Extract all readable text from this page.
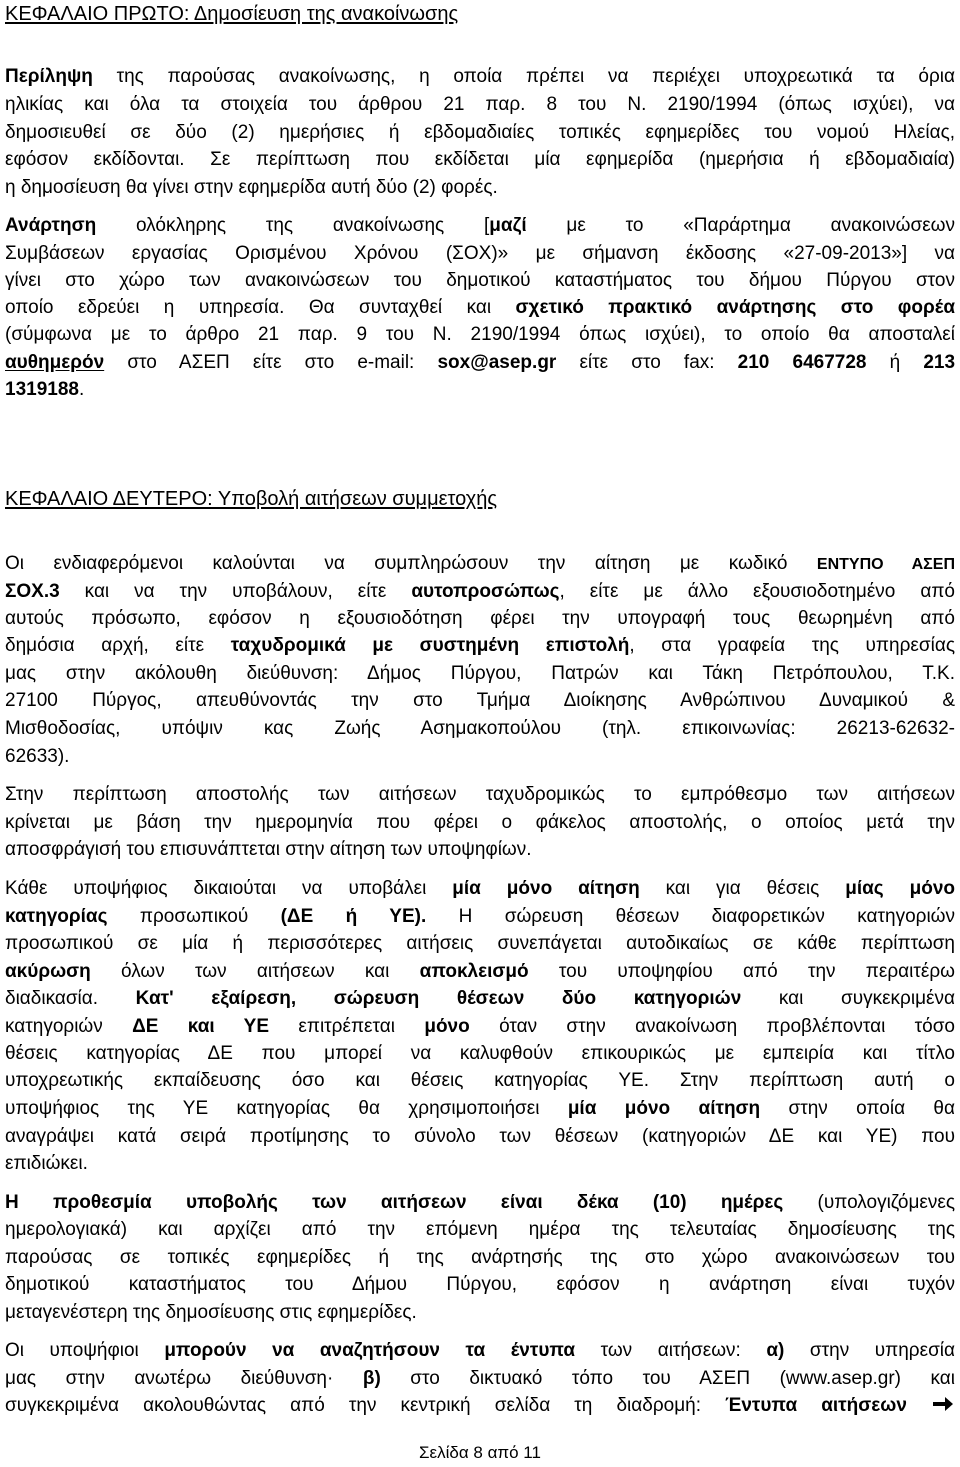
ΚΕΦΑΛΑΙΟ ΠΡΩΤΟ: Δημοσίευση της ανακοίνωσης
Περίληψη της παρούσας ανακοίνωσης, η οποία πρέπει να περιέχει υποχρεωτικά τα όρια
ηλικίας και όλα τα στοιχεία του άρθρου 21 παρ. 8 του Ν. 2190/1994 (όπως ισχύει), να
δημοσιευθεί σε δύο (2) ημερήσιες ή εβδομαδιαίες τοπικές εφημερίδες του νομού Ηλείας,
εφόσον εκδίδονται. Σε περίπτωση που εκδίδεται μία εφημερίδα (ημερήσια ή εβδομαδιαία)
η δημοσίευση θα γίνει στην εφημερίδα αυτή δύο (2) φορές.
Ανάρτηση ολόκληρης της ανακοίνωσης [μαζί με το «Παράρτημα ανακοινώσεων
Συμβάσεων εργασίας Ορισμένου Χρόνου (ΣΟΧ)» με σήμανση έκδοσης «27-09-2013»] να
γίνει στο χώρο των ανακοινώσεων του δημοτικού καταστήματος του δήμου Πύργου στον
οποίο εδρεύει η υπηρεσία. Θα συνταχθεί και σχετικό πρακτικό ανάρτησης στο φορέα
(σύμφωνα με το άρθρο 21 παρ. 9 του Ν. 2190/1994 όπως ισχύει), το οποίο θα αποσταλεί
αυθημερόν στο ΑΣΕΠ είτε στο e-mail: sox@asep.gr είτε στο fax: 210 6467728 ή 213
1319188.
ΚΕΦΑΛΑΙΟ ΔΕΥΤΕΡΟ: Υποβολή αιτήσεων συμμετοχής
Οι ενδιαφερόμενοι καλούνται να συμπληρώσουν την αίτηση με κωδικό ΕΝΤΥΠΟ ΑΣΕΠ
ΣΟΧ.3 και να την υποβάλουν, είτε αυτοπροσώπως, είτε με άλλο εξουσιοδοτημένο από
αυτούς πρόσωπο, εφόσον η εξουσιοδότηση φέρει την υπογραφή τους θεωρημένη από
δημόσια αρχή, είτε ταχυδρομικά με συστημένη επιστολή, στα γραφεία της υπηρεσίας
μας στην ακόλουθη διεύθυνση: Δήμος Πύργου, Πατρών και Τάκη Πετρόπουλου, Τ.Κ.
27100 Πύργος, απευθύνοντάς την στο Τμήμα Διοίκησης Ανθρώπινου Δυναμικού &
Μισθοδοσίας, υπόψιν κας Ζωής Ασημακοπούλου (τηλ. επικοινωνίας: 26213-62632-
62633).
Στην περίπτωση αποστολής των αιτήσεων ταχυδρομικώς το εμπρόθεσμο των αιτήσεων
κρίνεται με βάση την ημερομηνία που φέρει ο φάκελος αποστολής, ο οποίος μετά την
αποσφράγισή του επισυνάπτεται στην αίτηση των υποψηφίων.
Κάθε υποψήφιος δικαιούται να υποβάλει μία μόνο αίτηση και για θέσεις μίας μόνο
κατηγορίας προσωπικού (ΔΕ ή ΥΕ). Η σώρευση θέσεων διαφορετικών κατηγοριών
προσωπικού σε μία ή περισσότερες αιτήσεις συνεπάγεται αυτοδικαίως σε κάθε περίπτωση
ακύρωση όλων των αιτήσεων και αποκλεισμό του υποψηφίου από την περαιτέρω
διαδικασία. Κατ' εξαίρεση, σώρευση θέσεων δύο κατηγοριών και συγκεκριμένα
κατηγοριών ΔΕ και ΥΕ επιτρέπεται μόνο όταν στην ανακοίνωση προβλέπονται τόσο
θέσεις κατηγορίας ΔΕ που μπορεί να καλυφθούν επικουρικώς με εμπειρία και τίτλο
υποχρεωτικής εκπαίδευσης όσο και θέσεις κατηγορίας ΥΕ. Στην περίπτωση αυτή ο
υποψήφιος της ΥΕ κατηγορίας θα χρησιμοποιήσει μία μόνο αίτηση στην οποία θα
αναγράψει κατά σειρά προτίμησης το σύνολο των θέσεων (κατηγοριών ΔΕ και ΥΕ) που
επιδιώκει.
Η προθεσμία υποβολής των αιτήσεων είναι δέκα (10) ημέρες (υπολογιζόμενες
ημερολογιακά) και αρχίζει από την επόμενη ημέρα της τελευταίας δημοσίευσης της
παρούσας σε τοπικές εφημερίδες ή της ανάρτησής της στο χώρο ανακοινώσεων του
δημοτικού καταστήματος του Δήμου Πύργου, εφόσον η ανάρτηση είναι τυχόν
μεταγενέστερη της δημοσίευσης στις εφημερίδες.
Οι υποψήφιοι μπορούν να αναζητήσουν τα έντυπα των αιτήσεων: α) στην υπηρεσία
μας στην ανωτέρω διεύθυνση· β) στο δικτυακό τόπο του ΑΣΕΠ (www.asep.gr) και
συγκεκριμένα ακολουθώντας από την κεντρική σελίδα τη διαδρομή: Έντυπα αιτήσεων
Σελίδα 8 από 11
